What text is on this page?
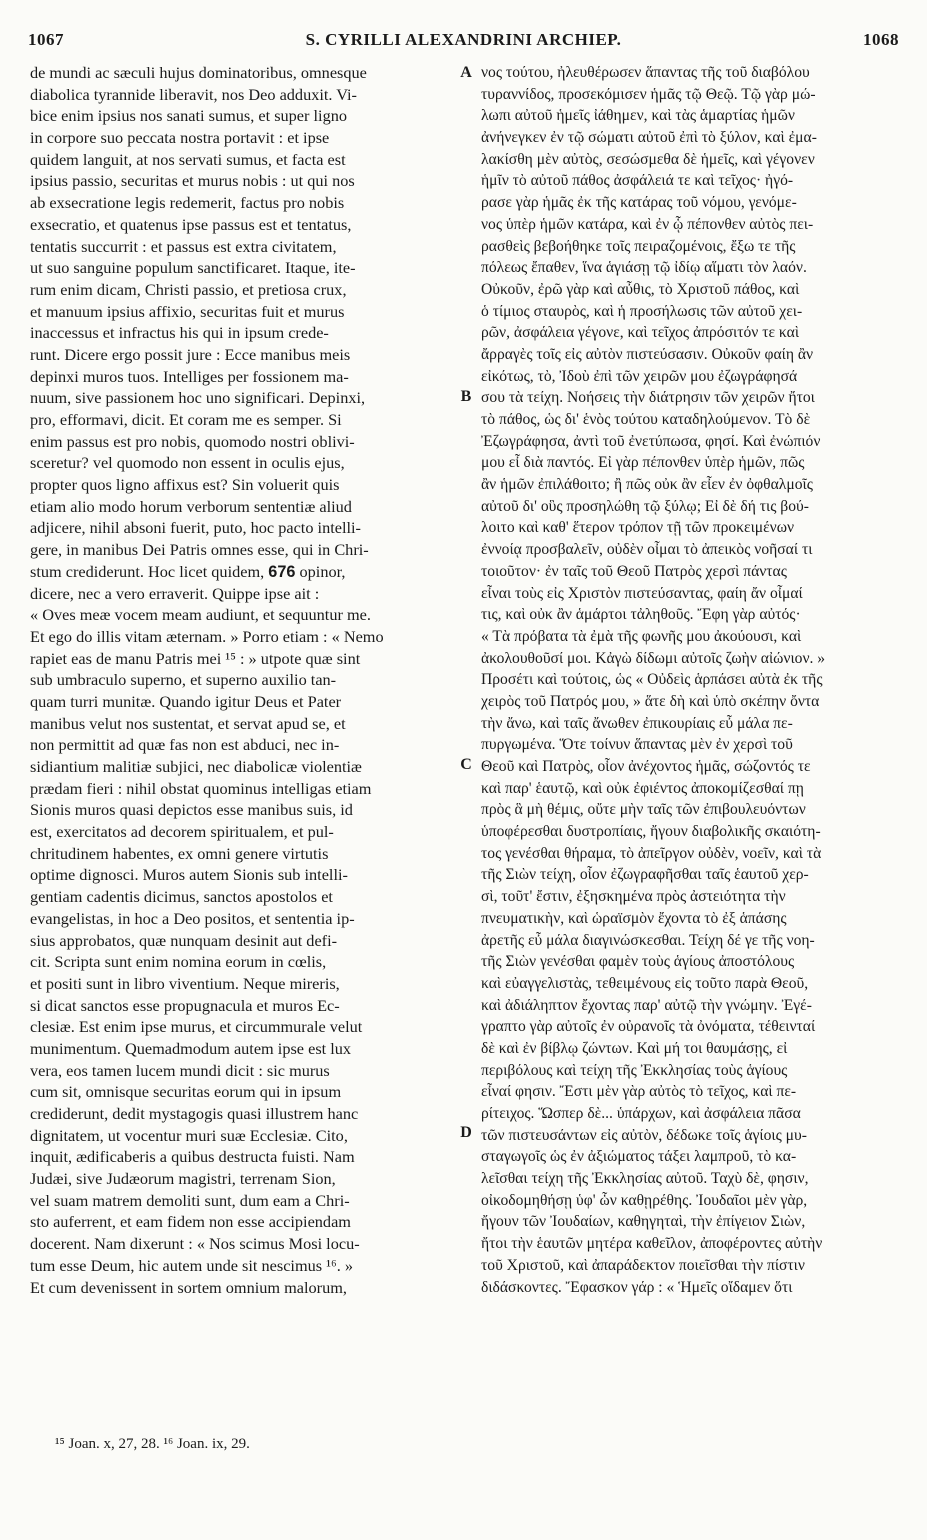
1067	S. CYRILLI ALEXANDRINI ARCHIEP.	1068
de mundi ac sæculi hujus dominatoribus, omnesque
diabolica tyrannide liberavit, nos Deo adduxit. Vi-
bice enim ipsius nos sanati sumus, et super ligno
in corpore suo peccata nostra portavit : et ipse
quidem languit, at nos servati sumus, et facta est
ipsius passio, securitas et murus nobis : ut qui nos
ab exsecratione legis redemerit, factus pro nobis
exsecratio, et quatenus ipse passus est et tentatus,
tentatis succurrit : et passus est extra civitatem,
ut suo sanguine populum sanctificaret. Itaque, ite-
rum enim dicam, Christi passio, et pretiosa crux,
et manuum ipsius affixio, securitas fuit et murus
inaccessus et infractus his qui in ipsum crede-
runt. Dicere ergo possit jure : Ecce manibus meis
depinxi muros tuos. Intelliges per fossionem ma-
nuum, sive passionem hoc uno significari. Depinxi,
pro, efformavi, dicit. Et coram me es semper. Si
enim passus est pro nobis, quomodo nostri oblivi-
sceretur? vel quomodo non essent in oculis ejus,
propter quos ligno affixus est? Sin voluerit quis
etiam alio modo horum verborum sententiæ aliud
adjicere, nihil absoni fuerit, puto, hoc pacto intelli-
gere, in manibus Dei Patris omnes esse, qui in Chri-
stum crediderunt. Hoc licet quidem, 676 opinor,
dicere, nec a vero erraverit. Quippe ipse ait :
« Oves meæ vocem meam audiunt, et sequuntur me.
Et ego do illis vitam æternam. » Porro etiam : « Nemo
rapiet eas de manu Patris mei ¹⁵ : » utpote quæ sint
sub umbraculo superno, et superno auxilio tan-
quam turri munitæ. Quando igitur Deus et Pater
manibus velut nos sustentat, et servat apud se, et
non permittit ad quæ fas non est abduci, nec in-
sidiantium malitiæ subjici, nec diabolicæ violentiæ
prædam fieri : nihil obstat quominus intelligas etiam
Sionis muros quasi depictos esse manibus suis, id
est, exercitatos ad decorem spiritualem, et pul-
chritudinem habentes, ex omni genere virtutis
optime dignosci. Muros autem Sionis sub intelli-
gentiam cadentis dicimus, sanctos apostolos et
evangelistas, in hoc a Deo positos, et sententia ip-
sius approbatos, quæ nunquam desinit aut defi-
cit. Scripta sunt enim nomina eorum in cœlis,
et positi sunt in libro viventium. Neque mireris,
si dicat sanctos esse propugnacula et muros Ec-
clesiæ. Est enim ipse murus, et circummurale velut
munimentum. Quemadmodum autem ipse est lux
vera, eos tamen lucem mundi dicit : sic murus
cum sit, omnisque securitas eorum qui in ipsum
crediderunt, dedit mystagogis quasi illustrem hanc
dignitatem, ut vocentur muri suæ Ecclesiæ. Cito,
inquit, ædificaberis a quibus destructa fuisti. Nam
Judæi, sive Judæorum magistri, terrenam Sion,
vel suam matrem demoliti sunt, dum eam a Chri-
sto auferrent, et eam fidem non esse accipiendam
docerent. Nam dixerunt : « Nos scimus Mosi locu-
tum esse Deum, hic autem unde sit nescimus ¹⁶. »
Et cum devenissent in sortem omnium malorum,
νος τούτου, ἠλευθέρωσεν ἅπαντας τῆς τοῦ διαβόλου
τυραννίδος, προσεκόμισεν ἡμᾶς τῷ Θεῷ. Τῷ γὰρ μώ-
λωπι αὐτοῦ ἡμεῖς ἰάθημεν, καὶ τὰς ἁμαρτίας ἡμῶν
ἀνήνεγκεν ἐν τῷ σώματι αὐτοῦ ἐπὶ τὸ ξύλον, καὶ ἐμα-
λακίσθη μὲν αὐτὸς, σεσώσμεθα δὲ ἡμεῖς, καὶ γέγονεν
ἡμῖν τὸ αὐτοῦ πάθος ἀσφάλειά τε καὶ τεῖχος· ἠγό-
ρασε γὰρ ἡμᾶς ἐκ τῆς κατάρας τοῦ νόμου, γενόμε-
νος ὑπὲρ ἡμῶν κατάρα, καὶ ἐν ᾧ πέπονθεν αὐτὸς πει-
ρασθεὶς βεβοήθηκε τοῖς πειραζομένοις, ἔξω τε τῆς
πόλεως ἔπαθεν, ἵνα ἁγιάσῃ τῷ ἰδίῳ αἵματι τὸν λαόν.
Οὐκοῦν, ἐρῶ γὰρ καὶ αὖθις, τὸ Χριστοῦ πάθος, καὶ
ὁ τίμιος σταυρὸς, καὶ ἡ προσήλωσις τῶν αὐτοῦ χει-
ρῶν, ἀσφάλεια γέγονε, καὶ τεῖχος ἀπρόσιτόν τε καὶ
ἄρραγὲς τοῖς εἰς αὐτὸν πιστεύσασιν. Οὐκοῦν φαίη ἂν
εἰκότως, τὸ, Ἰδοὺ ἐπὶ τῶν χειρῶν μου ἐζωγράφησά
σου τὰ τείχη. Νοήσεις τὴν διάτρησιν τῶν χειρῶν ἤτοι
τὸ πάθος, ὡς δι' ἑνὸς τούτου καταδηλούμενον. Τὸ δὲ
Ἐζωγράφησα, ἀντὶ τοῦ ἐνετύπωσα, φησί. Καὶ ἐνώπιόν
μου εἶ διὰ παντός. Εἰ γὰρ πέπονθεν ὑπὲρ ἡμῶν, πῶς
ἂν ἡμῶν ἐπιλάθοιτο; ἢ πῶς οὐκ ἂν εἶεν ἐν ὀφθαλμοῖς
αὐτοῦ δι' οὓς προσηλώθη τῷ ξύλῳ; Εἰ δὲ δή τις βού-
λοιτο καὶ καθ' ἕτερον τρόπον τῇ τῶν προκειμένων
ἐννοίᾳ προσβαλεῖν, οὐδὲν οἶμαι τὸ ἀπεικὸς νοῆσαί τι
τοιοῦτον· ἐν ταῖς τοῦ Θεοῦ Πατρὸς χερσὶ πάντας
εἶναι τοὺς εἰς Χριστὸν πιστεύσαντας, φαίη ἄν οἶμαί
τις, καὶ οὐκ ἂν ἁμάρτοι τἀληθοῦς. Ἔφη γὰρ αὐτός·
« Τὰ πρόβατα τὰ ἐμὰ τῆς φωνῆς μου ἀκούουσι, καὶ
ἀκολουθοῦσί μοι. Κἀγὼ δίδωμι αὐτοῖς ζωὴν αἰώνιον. »
Προσέτι καὶ τούτοις, ὡς « Οὐδεὶς ἁρπάσει αὐτὰ ἐκ τῆς
χειρὸς τοῦ Πατρός μου, » ἅτε δὴ καὶ ὑπὸ σκέπην ὄντα
τὴν ἄνω, καὶ ταῖς ἄνωθεν ἐπικουρίαις εὖ μάλα πε-
πυργωμένα. Ὅτε τοίνυν ἅπαντας μὲν ἐν χερσὶ τοῦ
Θεοῦ καὶ Πατρὸς, οἷον ἀνέχοντος ἡμᾶς, σώζοντός τε
καὶ παρ' ἑαυτῷ, καὶ οὐκ ἐφιέντος ἀποκομίζεσθαί πῃ
πρὸς ἃ μὴ θέμις, οὔτε μὴν ταῖς τῶν ἐπιβουλευόντων
ὑποφέρεσθαι δυστροπίαις, ἤγουν διαβολικῆς σκαιότη-
τος γενέσθαι θήραμα, τὸ ἀπεῖργον οὐδὲν, νοεῖν, καὶ τὰ
τῆς Σιὼν τείχη, οἷον ἐζωγραφῆσθαι ταῖς ἑαυτοῦ χερ-
σὶ, τοῦτ' ἔστιν, ἐξησκημένα πρὸς ἀστειότητα τὴν
πνευματικὴν, καὶ ὡραϊσμὸν ἔχοντα τὸ ἐξ ἁπάσης
ἀρετῆς εὖ μάλα διαγινώσκεσθαι. Τείχη δέ γε τῆς νοη-
τῆς Σιὼν γενέσθαι φαμὲν τοὺς ἁγίους ἀποστόλους
καὶ εὐαγγελιστὰς, τεθειμένους εἰς τοῦτο παρὰ Θεοῦ,
καὶ ἀδιάληπτον ἔχοντας παρ' αὐτῷ τὴν γνώμην. Ἐγέ-
γραπτο γὰρ αὐτοῖς ἐν οὐρανοῖς τὰ ὀνόματα, τέθεινταί
δὲ καὶ ἐν βίβλῳ ζώντων. Καὶ μή τοι θαυμάσῃς, εἰ
περιβόλους καὶ τείχη τῆς Ἐκκλησίας τοὺς ἁγίους
εἶναί φησιν. Ἔστι μὲν γὰρ αὐτὸς τὸ τεῖχος, καὶ πε-
ρίτειχος. Ὥσπερ δὲ... ὑπάρχων, καὶ ἀσφάλεια πᾶσα
τῶν πιστευσάντων εἰς αὐτὸν, δέδωκε τοῖς ἁγίοις μυ-
σταγωγοῖς ὡς ἐν ἀξιώματος τάξει λαμπροῦ, τὸ κα-
λεῖσθαι τείχη τῆς Ἐκκλησίας αὐτοῦ. Ταχὺ δὲ, φησιν,
οἰκοδομηθήσῃ ὑφ' ὧν καθῃρέθης. Ἰουδαῖοι μὲν γὰρ,
ἤγουν τῶν Ἰουδαίων, καθηγηταὶ, τὴν ἐπίγειον Σιὼν,
ἤτοι τὴν ἑαυτῶν μητέρα καθεῖλον, ἀποφέροντες αὐτὴν
τοῦ Χριστοῦ, καὶ ἀπαράδεκτον ποιεῖσθαι τὴν πίστιν
διδάσκοντες. Ἔφασκον γάρ : « Ἡμεῖς οἴδαμεν ὅτι
A
B
C
D
¹⁵ Joan. x, 27, 28. ¹⁶ Joan. ix, 29.
